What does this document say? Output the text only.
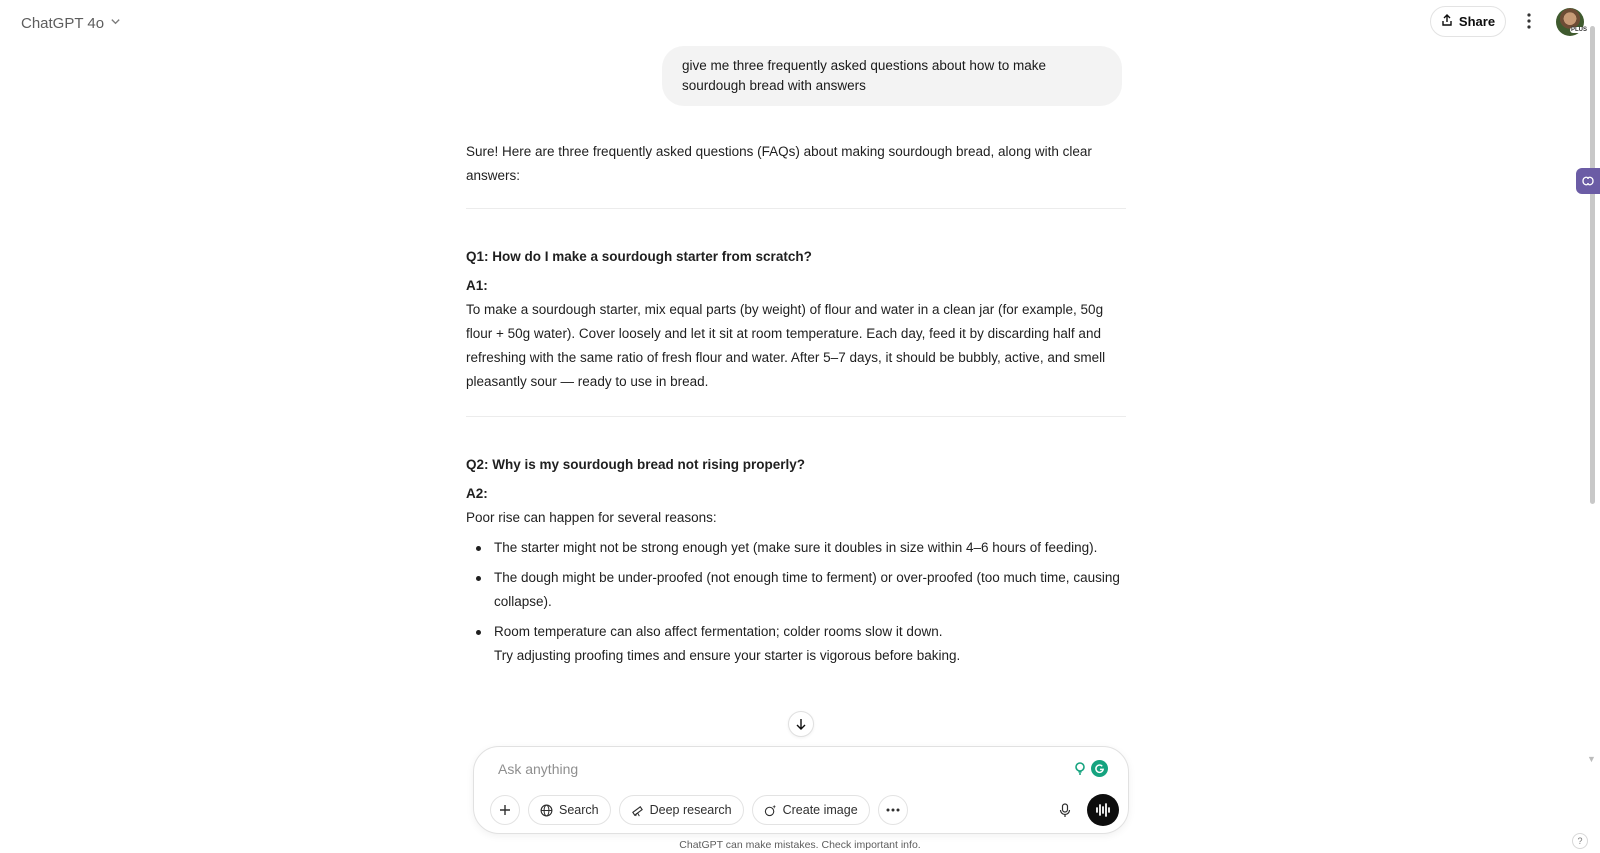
ChatGPT 4o	Share
PLUS
▼
give me three frequently asked questions about how to make sourdough bread with answers

Sure! Here are three frequently asked questions (FAQs) about making sourdough bread, along with clear answers:

Q1: How do I make a sourdough starter from scratch?

A1:

To make a sourdough starter, mix equal parts (by weight) of flour and water in a clean jar (for example, 50g flour + 50g water). Cover loosely and let it sit at room temperature. Each day, feed it by discarding half and refreshing with the same ratio of fresh flour and water. After 5–7 days, it should be bubbly, active, and smell pleasantly sour — ready to use in bread.

Q2: Why is my sourdough bread not rising properly?

A2:

Poor rise can happen for several reasons:

The starter might not be strong enough yet (make sure it doubles in size within 4–6 hours of feeding).
The dough might be under-proofed (not enough time to ferment) or over-proofed (too much time, causing collapse).
Room temperature can also affect fermentation; colder rooms slow it down.
Try adjusting proofing times and ensure your starter is vigorous before baking.
Ask anything
Search	Deep research	Create image
ChatGPT can make mistakes. Check important info.	?
